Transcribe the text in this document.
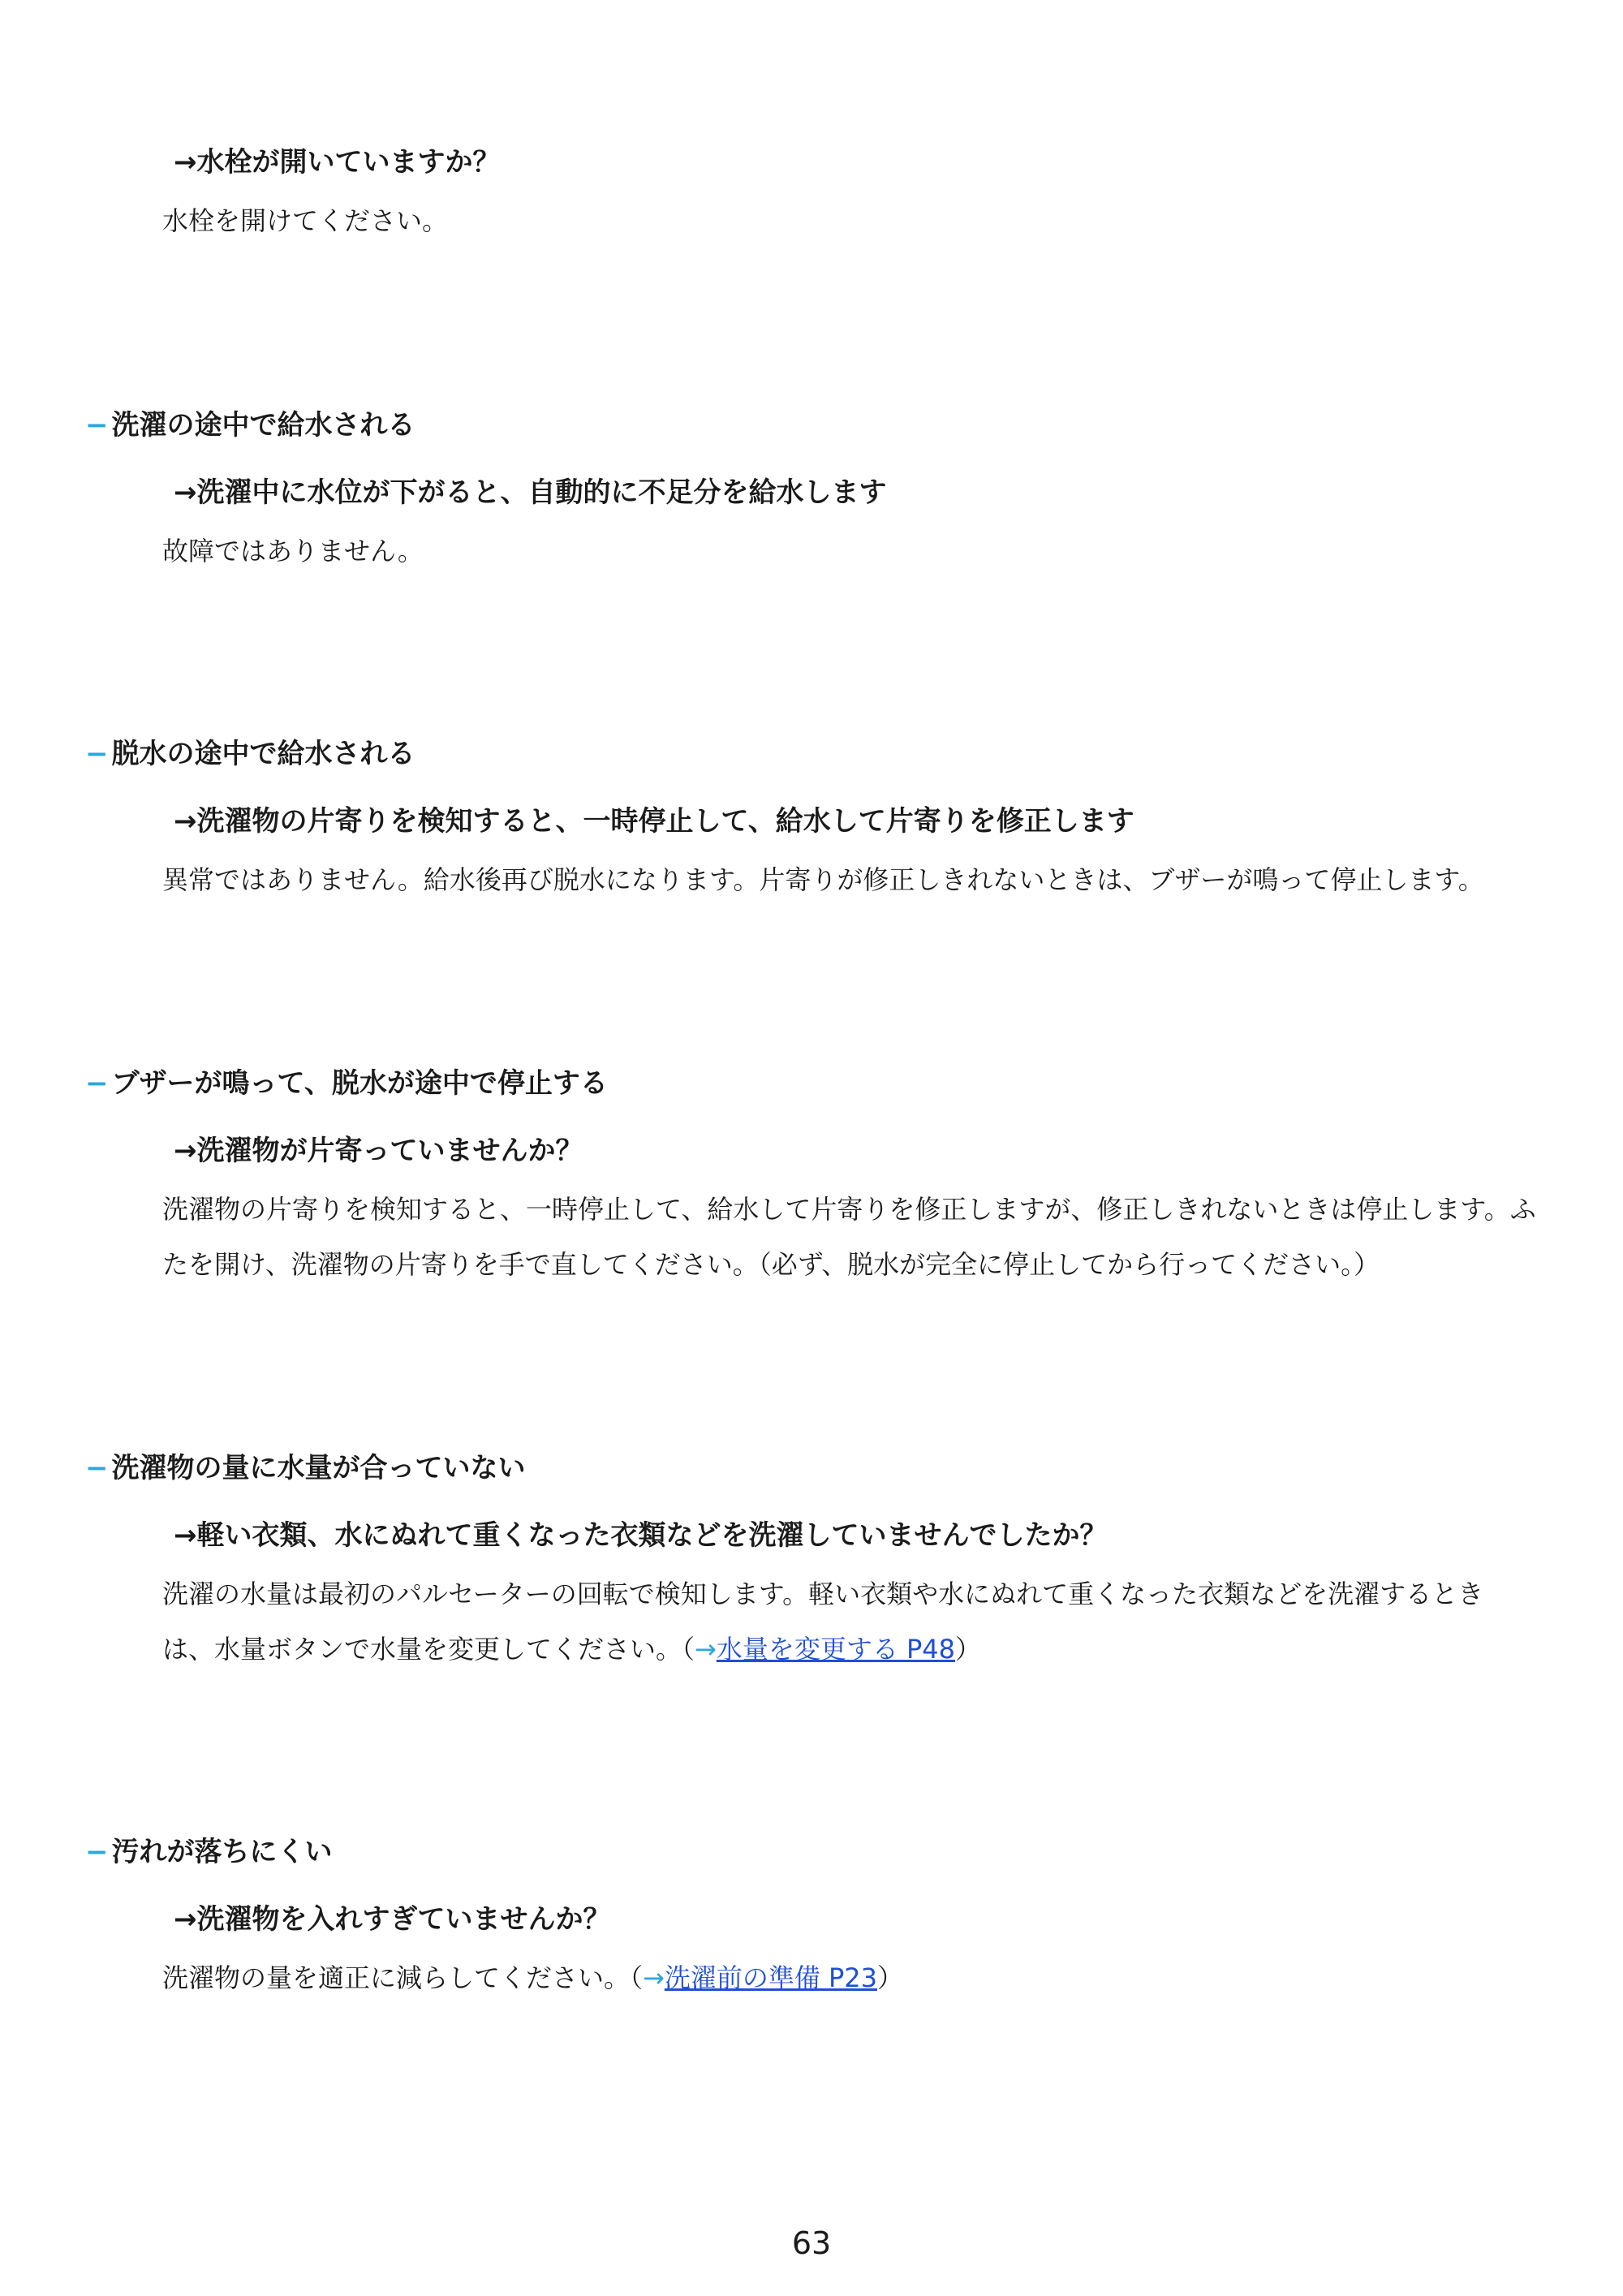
→水栓が開いていますか？
水栓を開けてください。
− 洗濯の途中で給水される
→洗濯中に水位が下がると、自動的に不足分を給水します
故障ではありません。
− 脱水の途中で給水される
→洗濯物の片寄りを検知すると、一時停止して、給水して片寄りを修正します
異常ではありません。給水後再び脱水になります。片寄りが修正しきれないときは、ブザーが鳴って停止します。
− ブザーが鳴って、脱水が途中で停止する
→洗濯物が片寄っていませんか？
洗濯物の片寄りを検知すると、一時停止して、給水して片寄りを修正しますが、修正しきれないときは停止します。ふ
たを開け、洗濯物の片寄りを手で直してください。（必ず、脱水が完全に停止してから行ってください。）
− 洗濯物の量に水量が合っていない
→軽い衣類、水にぬれて重くなった衣類などを洗濯していませんでしたか？
洗濯の水量は最初のパルセーターの回転で検知します。軽い衣類や水にぬれて重くなった衣類などを洗濯するとき
は、水量ボタンで水量を変更してください。（→水量を変更する P48）
− 汚れが落ちにくい
→洗濯物を入れすぎていませんか？
洗濯物の量を適正に減らしてください。（→洗濯前の準備 P23）
63
